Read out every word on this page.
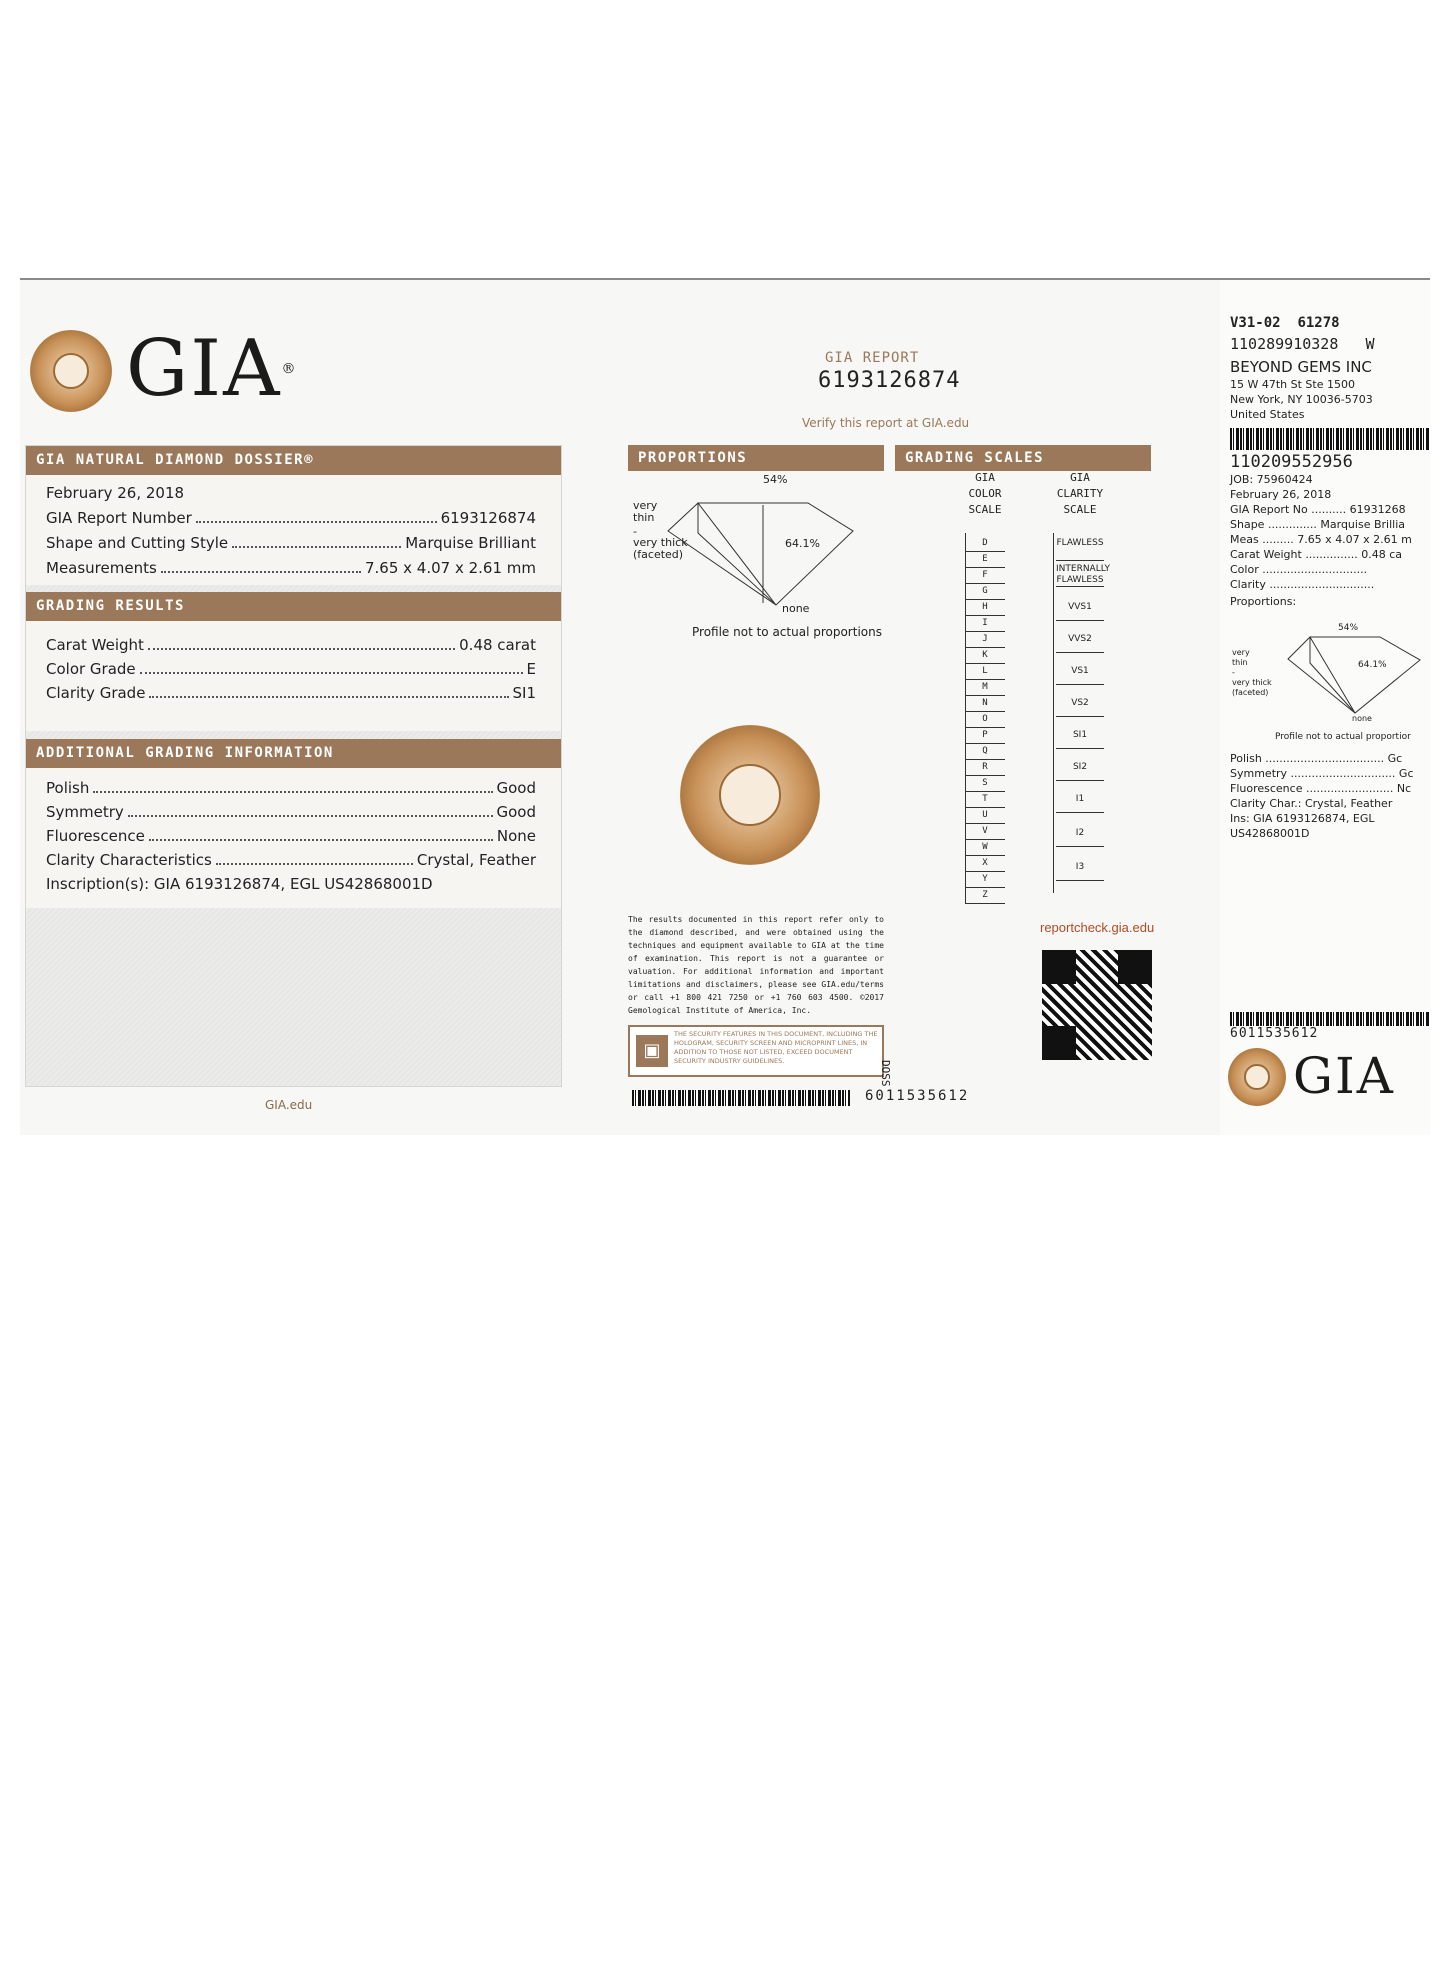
GIA®
GIA NATURAL DIAMOND DOSSIER®
February 26, 2018
GIA Report Number	6193126874
Shape and Cutting Style	Marquise Brilliant
Measurements	7.65 x 4.07 x 2.61 mm
GRADING RESULTS
Carat Weight	0.48 carat
Color Grade	E
Clarity Grade	SI1
ADDITIONAL GRADING INFORMATION
Polish	Good
Symmetry	Good
Fluorescence	None
Clarity Characteristics	Crystal, Feather
Inscription(s): GIA 6193126874, EGL US42868001D
GIA.edu
GIA REPORT
6193126874
Verify this report at GIA.edu
PROPORTIONS
54%
64.1%
very thin
-
very thick (faceted)
none
Profile not to actual proportions
GRADING SCALES
GIA COLOR SCALE
GIA CLARITY SCALE
D
E
F
G
H
I
J
K
L
M
N
O
P
Q
R
S
T
U
V
W
X
Y
Z
FLAWLESS
INTERNALLY FLAWLESS
VVS1
VVS2
VS1
VS2
SI1
SI2
I1
I2
I3
The results documented in this report refer only to the diamond described, and were obtained using the techniques and equipment available to GIA at the time of examination. This report is not a guarantee or valuation. For additional information and important limitations and disclaimers, please see GIA.edu/terms or call +1 800 421 7250 or +1 760 603 4500. ©2017 Gemological Institute of America, Inc.
▣
THE SECURITY FEATURES IN THIS DOCUMENT, INCLUDING THE HOLOGRAM, SECURITY SCREEN AND MICROPRINT LINES, IN ADDITION TO THOSE NOT LISTED, EXCEED DOCUMENT SECURITY INDUSTRY GUIDELINES.	DOSS
reportcheck.gia.edu
6011535612
V31-02 61278
110289910328 W
BEYOND GEMS INC
15 W 47th St Ste 1500
New York, NY 10036-5703
United States
110209552956
JOB: 75960424
February 26, 2018
GIA Report No .......... 61931268
Shape .............. Marquise Brillia
Meas ......... 7.65 x 4.07 x 2.61 m
Carat Weight ............... 0.48 ca
Color ..............................
Clarity ..............................
Proportions:
54%
64.1%
very thin
-
very thick (faceted)
none
Profile not to actual proportior
Polish .................................. Gc
Symmetry .............................. Gc
Fluorescence ......................... Nc
Clarity Char.: Crystal, Feather
Ins: GIA 6193126874, EGL
US42868001D
6011535612
GIA
